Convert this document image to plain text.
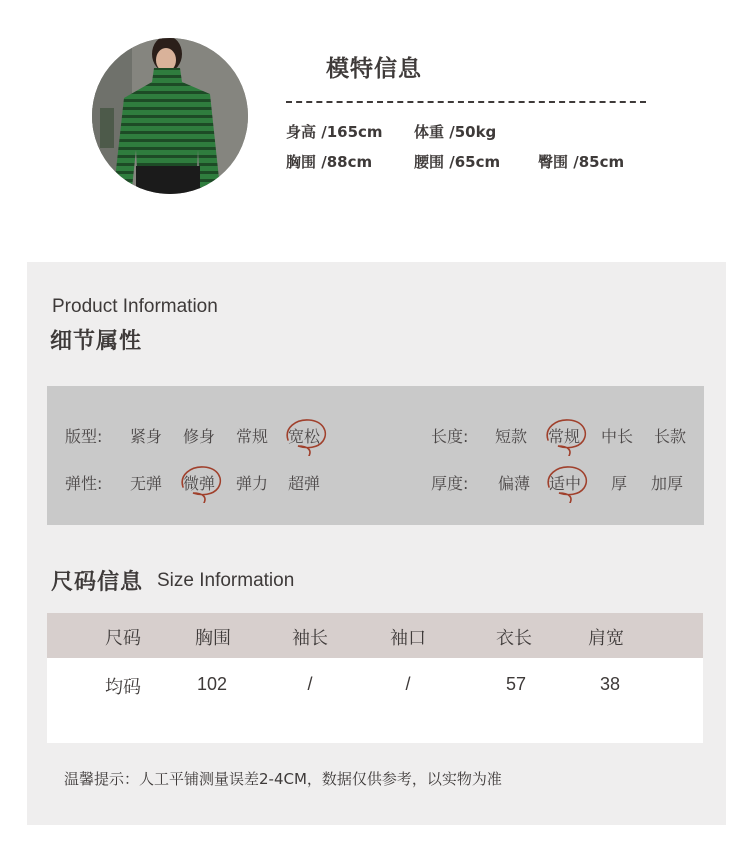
模特信息
身高 /165cm 体重 /50kg
胸围 /88cm	腰围 /65cm	臀围 /85cm
Product Information
细节属性
版型: 紧身 修身 常规 宽松	长度: 短款 常规 中长 长款
弹性: 无弹 微弹 弹力 超弹	厚度: 偏薄 适中 厚 加厚
尺码信息 Size Information
尺码	胸围	袖长	袖口	衣长	肩宽
均码	102	/	/	57	38
温馨提示：人工平铺测量误差2-4CM，数据仅供参考，以实物为准
